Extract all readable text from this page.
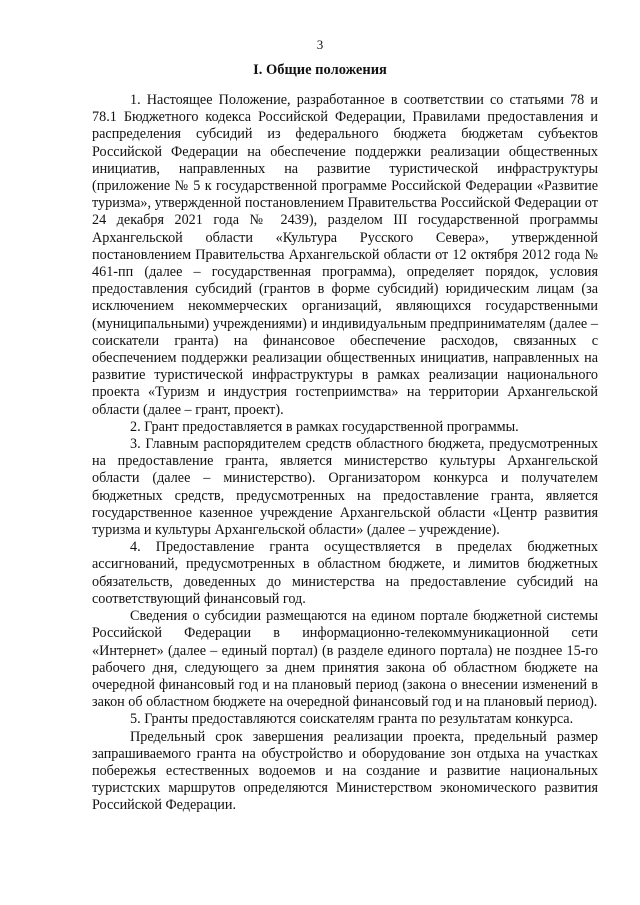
3
I. Общие положения

1. Настоящее Положение, разработанное в соответствии со статьями 78 и 78.1 Бюджетного кодекса Российской Федерации, Правилами предоставления и распределения субсидий из федерального бюджета бюджетам субъектов Российской Федерации на обеспечение поддержки реализации общественных инициатив, направленных на развитие туристической инфраструктуры (приложение № 5 к государственной программе Российской Федерации «Развитие туризма», утвержденной постановлением Правительства Российской Федерации от 24 декабря 2021 года № 2439), разделом III государственной программы Архангельской области «Культура Русского Севера», утвержденной постановлением Правительства Архангельской области от 12 октября 2012 года № 461-пп (далее – государственная программа), определяет порядок, условия предоставления субсидий (грантов в форме субсидий) юридическим лицам (за исключением некоммерческих организаций, являющихся государственными (муниципальными) учреждениями) и индивидуальным предпринимателям (далее – соискатели гранта) на финансовое обеспечение расходов, связанных с обеспечением поддержки реализации общественных инициатив, направленных на развитие туристической инфраструктуры в рамках реализации национального проекта «Туризм и индустрия гостеприимства» на территории Архангельской области (далее – грант, проект).

2. Грант предоставляется в рамках государственной программы.

3. Главным распорядителем средств областного бюджета, предусмотренных на предоставление гранта, является министерство культуры Архангельской области (далее – министерство). Организатором конкурса и получателем бюджетных средств, предусмотренных на предоставление гранта, является государственное казенное учреждение Архангельской области «Центр развития туризма и культуры Архангельской области» (далее – учреждение).

4. Предоставление гранта осуществляется в пределах бюджетных ассигнований, предусмотренных в областном бюджете, и лимитов бюджетных обязательств, доведенных до министерства на предоставление субсидий на соответствующий финансовый год.

Сведения о субсидии размещаются на едином портале бюджетной системы Российской Федерации в информационно-телекоммуникационной сети «Интернет» (далее – единый портал) (в разделе единого портала) не позднее 15-го рабочего дня, следующего за днем принятия закона об областном бюджете на очередной финансовый год и на плановый период (закона о внесении изменений в закон об областном бюджете на очередной финансовый год и на плановый период).

5. Гранты предоставляются соискателям гранта по результатам конкурса.

Предельный срок завершения реализации проекта, предельный размер запрашиваемого гранта на обустройство и оборудование зон отдыха на участках побережья естественных водоемов и на создание и развитие национальных туристских маршрутов определяются Министерством экономического развития Российской Федерации.
